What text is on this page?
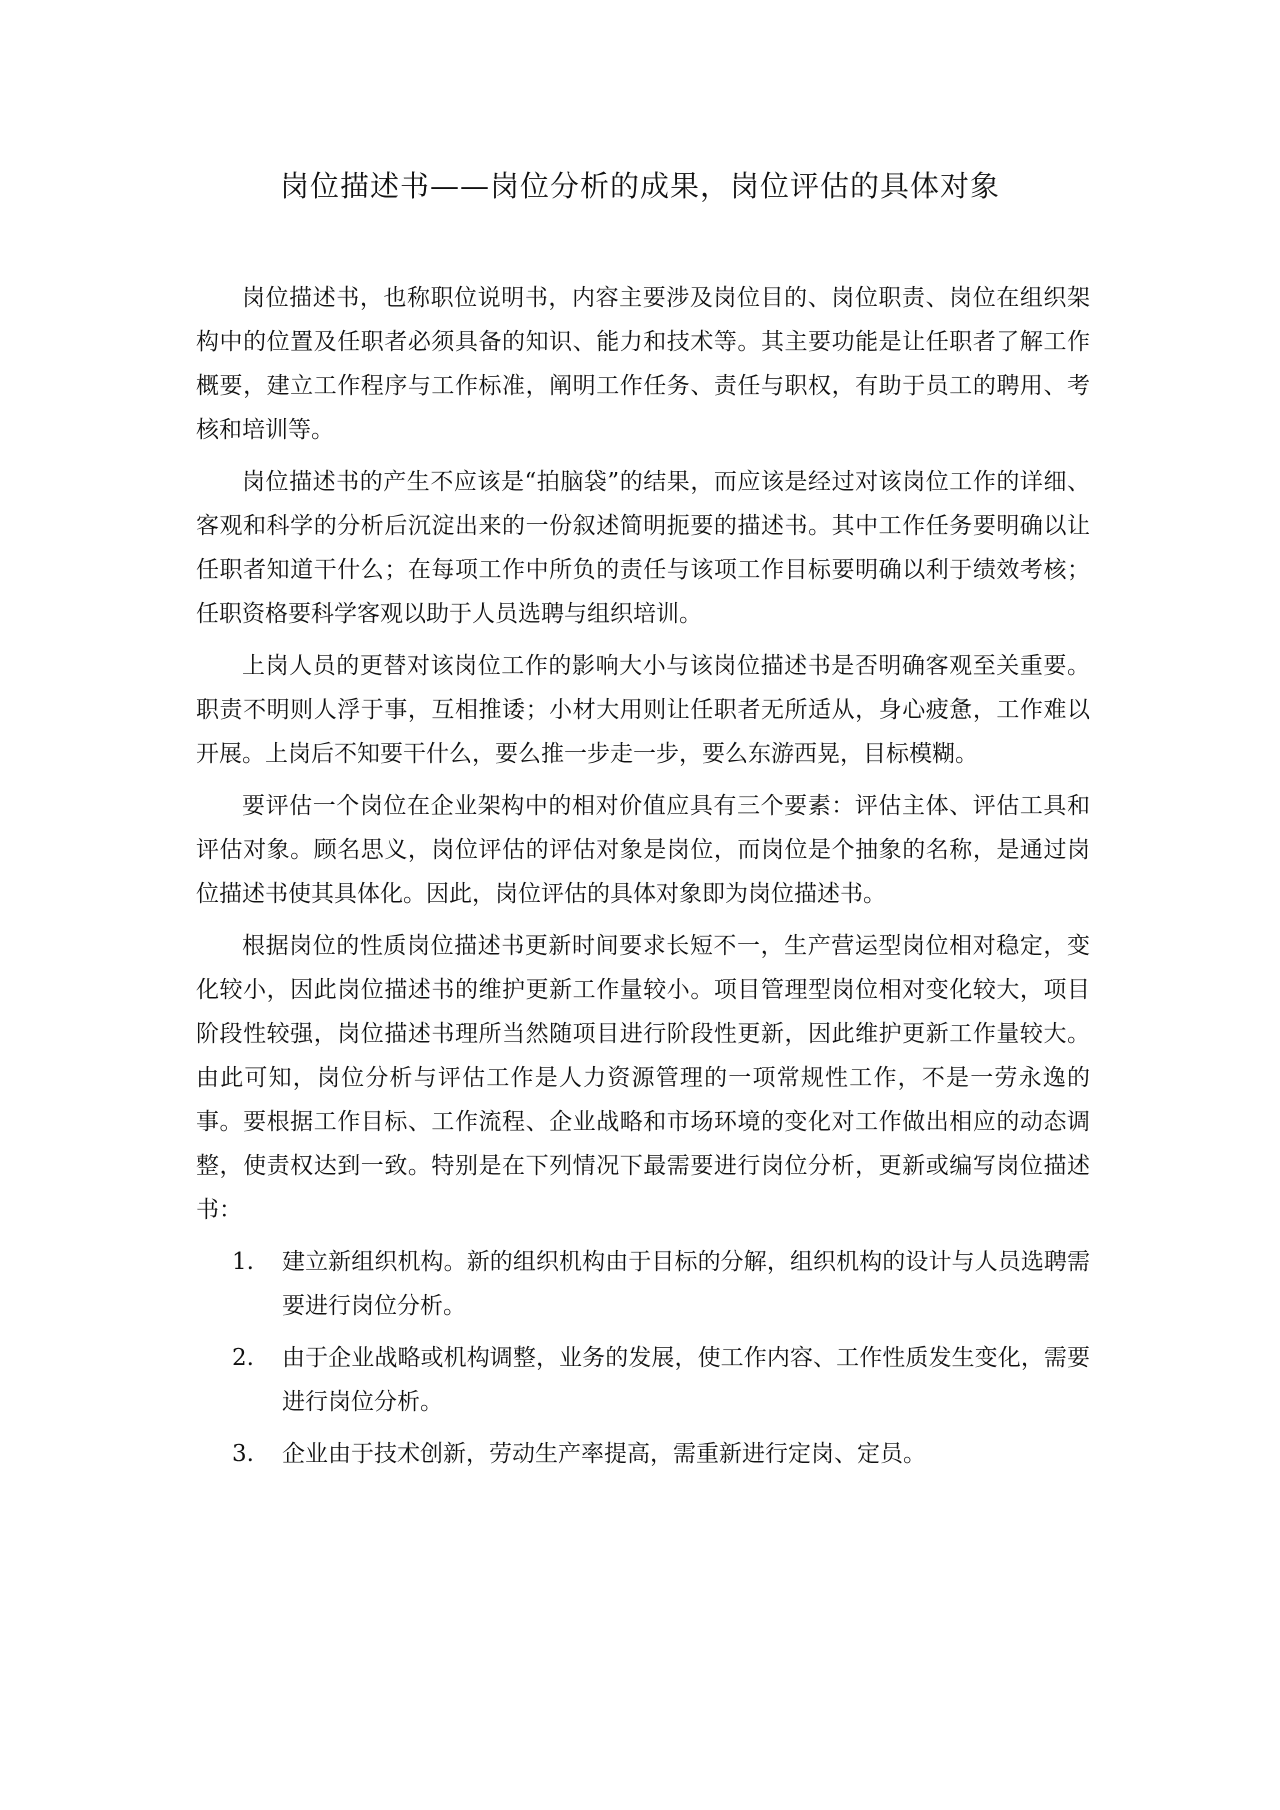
岗位描述书——岗位分析的成果，岗位评估的具体对象

岗位描述书，也称职位说明书，内容主要涉及岗位目的、岗位职责、岗位在组织架构中的位置及任职者必须具备的知识、能力和技术等。其主要功能是让任职者了解工作概要，建立工作程序与工作标准，阐明工作任务、责任与职权，有助于员工的聘用、考核和培训等。

岗位描述书的产生不应该是“拍脑袋”的结果，而应该是经过对该岗位工作的详细、客观和科学的分析后沉淀出来的一份叙述简明扼要的描述书。其中工作任务要明确以让任职者知道干什么；在每项工作中所负的责任与该项工作目标要明确以利于绩效考核；任职资格要科学客观以助于人员选聘与组织培训。

上岗人员的更替对该岗位工作的影响大小与该岗位描述书是否明确客观至关重要。职责不明则人浮于事，互相推诿；小材大用则让任职者无所适从，身心疲惫，工作难以开展。上岗后不知要干什么，要么推一步走一步，要么东游西晃，目标模糊。

要评估一个岗位在企业架构中的相对价值应具有三个要素：评估主体、评估工具和评估对象。顾名思义，岗位评估的评估对象是岗位，而岗位是个抽象的名称，是通过岗位描述书使其具体化。因此，岗位评估的具体对象即为岗位描述书。

根据岗位的性质岗位描述书更新时间要求长短不一，生产营运型岗位相对稳定，变化较小，因此岗位描述书的维护更新工作量较小。项目管理型岗位相对变化较大，项目阶段性较强，岗位描述书理所当然随项目进行阶段性更新，因此维护更新工作量较大。由此可知，岗位分析与评估工作是人力资源管理的一项常规性工作，不是一劳永逸的事。要根据工作目标、工作流程、企业战略和市场环境的变化对工作做出相应的动态调整，使责权达到一致。特别是在下列情况下最需要进行岗位分析，更新或编写岗位描述书：

1. 建立新组织机构。新的组织机构由于目标的分解，组织机构的设计与人员选聘需要进行岗位分析。
2. 由于企业战略或机构调整，业务的发展，使工作内容、工作性质发生变化，需要进行岗位分析。
3. 企业由于技术创新，劳动生产率提高，需重新进行定岗、定员。
